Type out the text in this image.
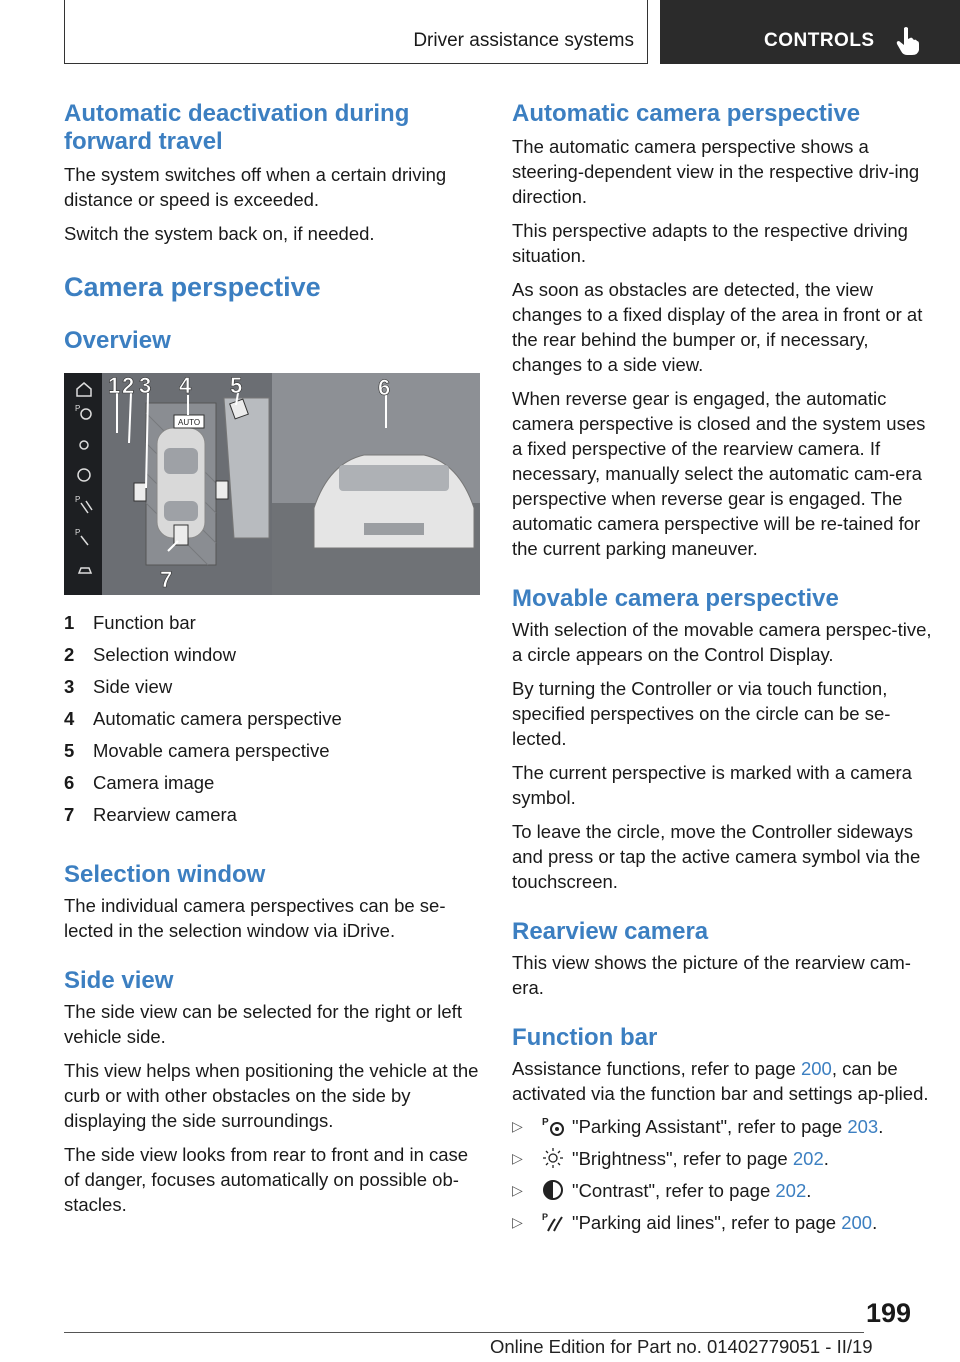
Driver assistance systems	CONTROLS
Automatic deactivation during forward travel

The system switches off when a certain driving distance or speed is exceeded.

Switch the system back on, if needed.

Camera perspective
Overview
P
P
P
AUTO
1 2 3 4 5	6
7
1	Function bar
2	Selection window
3	Side view
4	Automatic camera perspective
5	Movable camera perspective
6	Camera image
7	Rearview camera
Selection window

The individual camera perspectives can be se-lected in the selection window via iDrive.

Side view

The side view can be selected for the right or left vehicle side.

This view helps when positioning the vehicle at the curb or with other obstacles on the side by displaying the side surroundings.

The side view looks from rear to front and in case of danger, focuses automatically on possible ob-stacles.

Automatic camera perspective

The automatic camera perspective shows a steering-dependent view in the respective driv-ing direction.

This perspective adapts to the respective driving situation.

As soon as obstacles are detected, the view changes to a fixed display of the area in front or at the rear behind the bumper or, if necessary, changes to a side view.

When reverse gear is engaged, the automatic camera perspective is closed and the system uses a fixed perspective of the rearview camera. If necessary, manually select the automatic cam-era perspective when reverse gear is engaged. The automatic camera perspective will be re-tained for the current parking maneuver.

Movable camera perspective

With selection of the movable camera perspec-tive, a circle appears on the Control Display.

By turning the Controller or via touch function, specified perspectives on the circle can be se-lected.

The current perspective is marked with a camera symbol.

To leave the circle, move the Controller sideways and press or tap the active camera symbol via the touchscreen.

Rearview camera

This view shows the picture of the rearview cam-era.

Function bar

Assistance functions, refer to page 200, can be activated via the function bar and settings ap-plied.

▷	P "Parking Assistant", refer to page 203.
▷	"Brightness", refer to page 202.
▷	"Contrast", refer to page 202.
▷	P "Parking aid lines", refer to page 200.
199
Online Edition for Part no. 01402779051 - II/19
